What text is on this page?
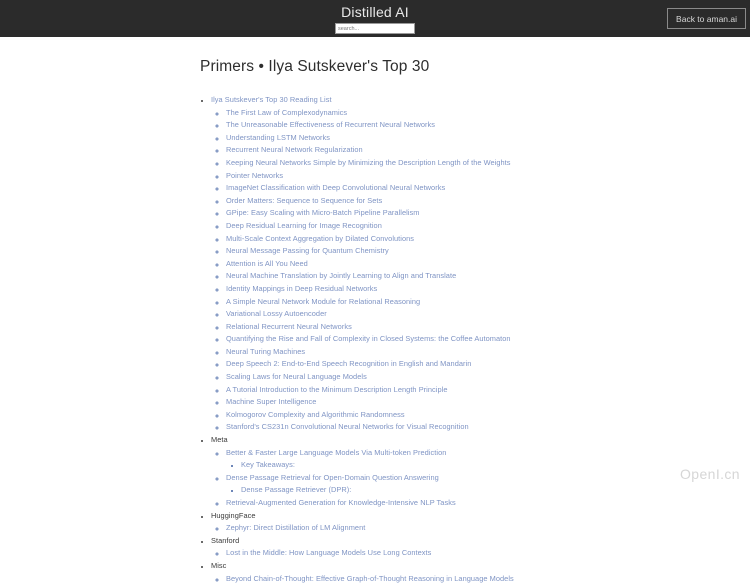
Distilled AI
search...	Back to aman.ai
Primers • Ilya Sutskever's Top 30
• Ilya Sutskever's Top 30 Reading List
◦ The First Law of Complexodynamics
◦ The Unreasonable Effectiveness of Recurrent Neural Networks
◦ Understanding LSTM Networks
◦ Recurrent Neural Network Regularization
◦ Keeping Neural Networks Simple by Minimizing the Description Length of the Weights
◦ Pointer Networks
◦ ImageNet Classification with Deep Convolutional Neural Networks
◦ Order Matters: Sequence to Sequence for Sets
◦ GPipe: Easy Scaling with Micro-Batch Pipeline Parallelism
◦ Deep Residual Learning for Image Recognition
◦ Multi-Scale Context Aggregation by Dilated Convolutions
◦ Neural Message Passing for Quantum Chemistry
◦ Attention is All You Need
◦ Neural Machine Translation by Jointly Learning to Align and Translate
◦ Identity Mappings in Deep Residual Networks
◦ A Simple Neural Network Module for Relational Reasoning
◦ Variational Lossy Autoencoder
◦ Relational Recurrent Neural Networks
◦ Quantifying the Rise and Fall of Complexity in Closed Systems: the Coffee Automaton
◦ Neural Turing Machines
◦ Deep Speech 2: End-to-End Speech Recognition in English and Mandarin
◦ Scaling Laws for Neural Language Models
◦ A Tutorial Introduction to the Minimum Description Length Principle
◦ Machine Super Intelligence
◦ Kolmogorov Complexity and Algorithmic Randomness
◦ Stanford's CS231n Convolutional Neural Networks for Visual Recognition
• Meta
◦ Better & Faster Large Language Models Via Multi-token Prediction
▪ Key Takeaways:
◦ Dense Passage Retrieval for Open-Domain Question Answering
▪ Dense Passage Retriever (DPR):
◦ Retrieval-Augmented Generation for Knowledge-Intensive NLP Tasks
• HuggingFace
◦ Zephyr: Direct Distillation of LM Alignment
• Stanford
◦ Lost in the Middle: How Language Models Use Long Contexts
• Misc
◦ Beyond Chain-of-Thought: Effective Graph-of-Thought Reasoning in Language Models
OpenI.cn
